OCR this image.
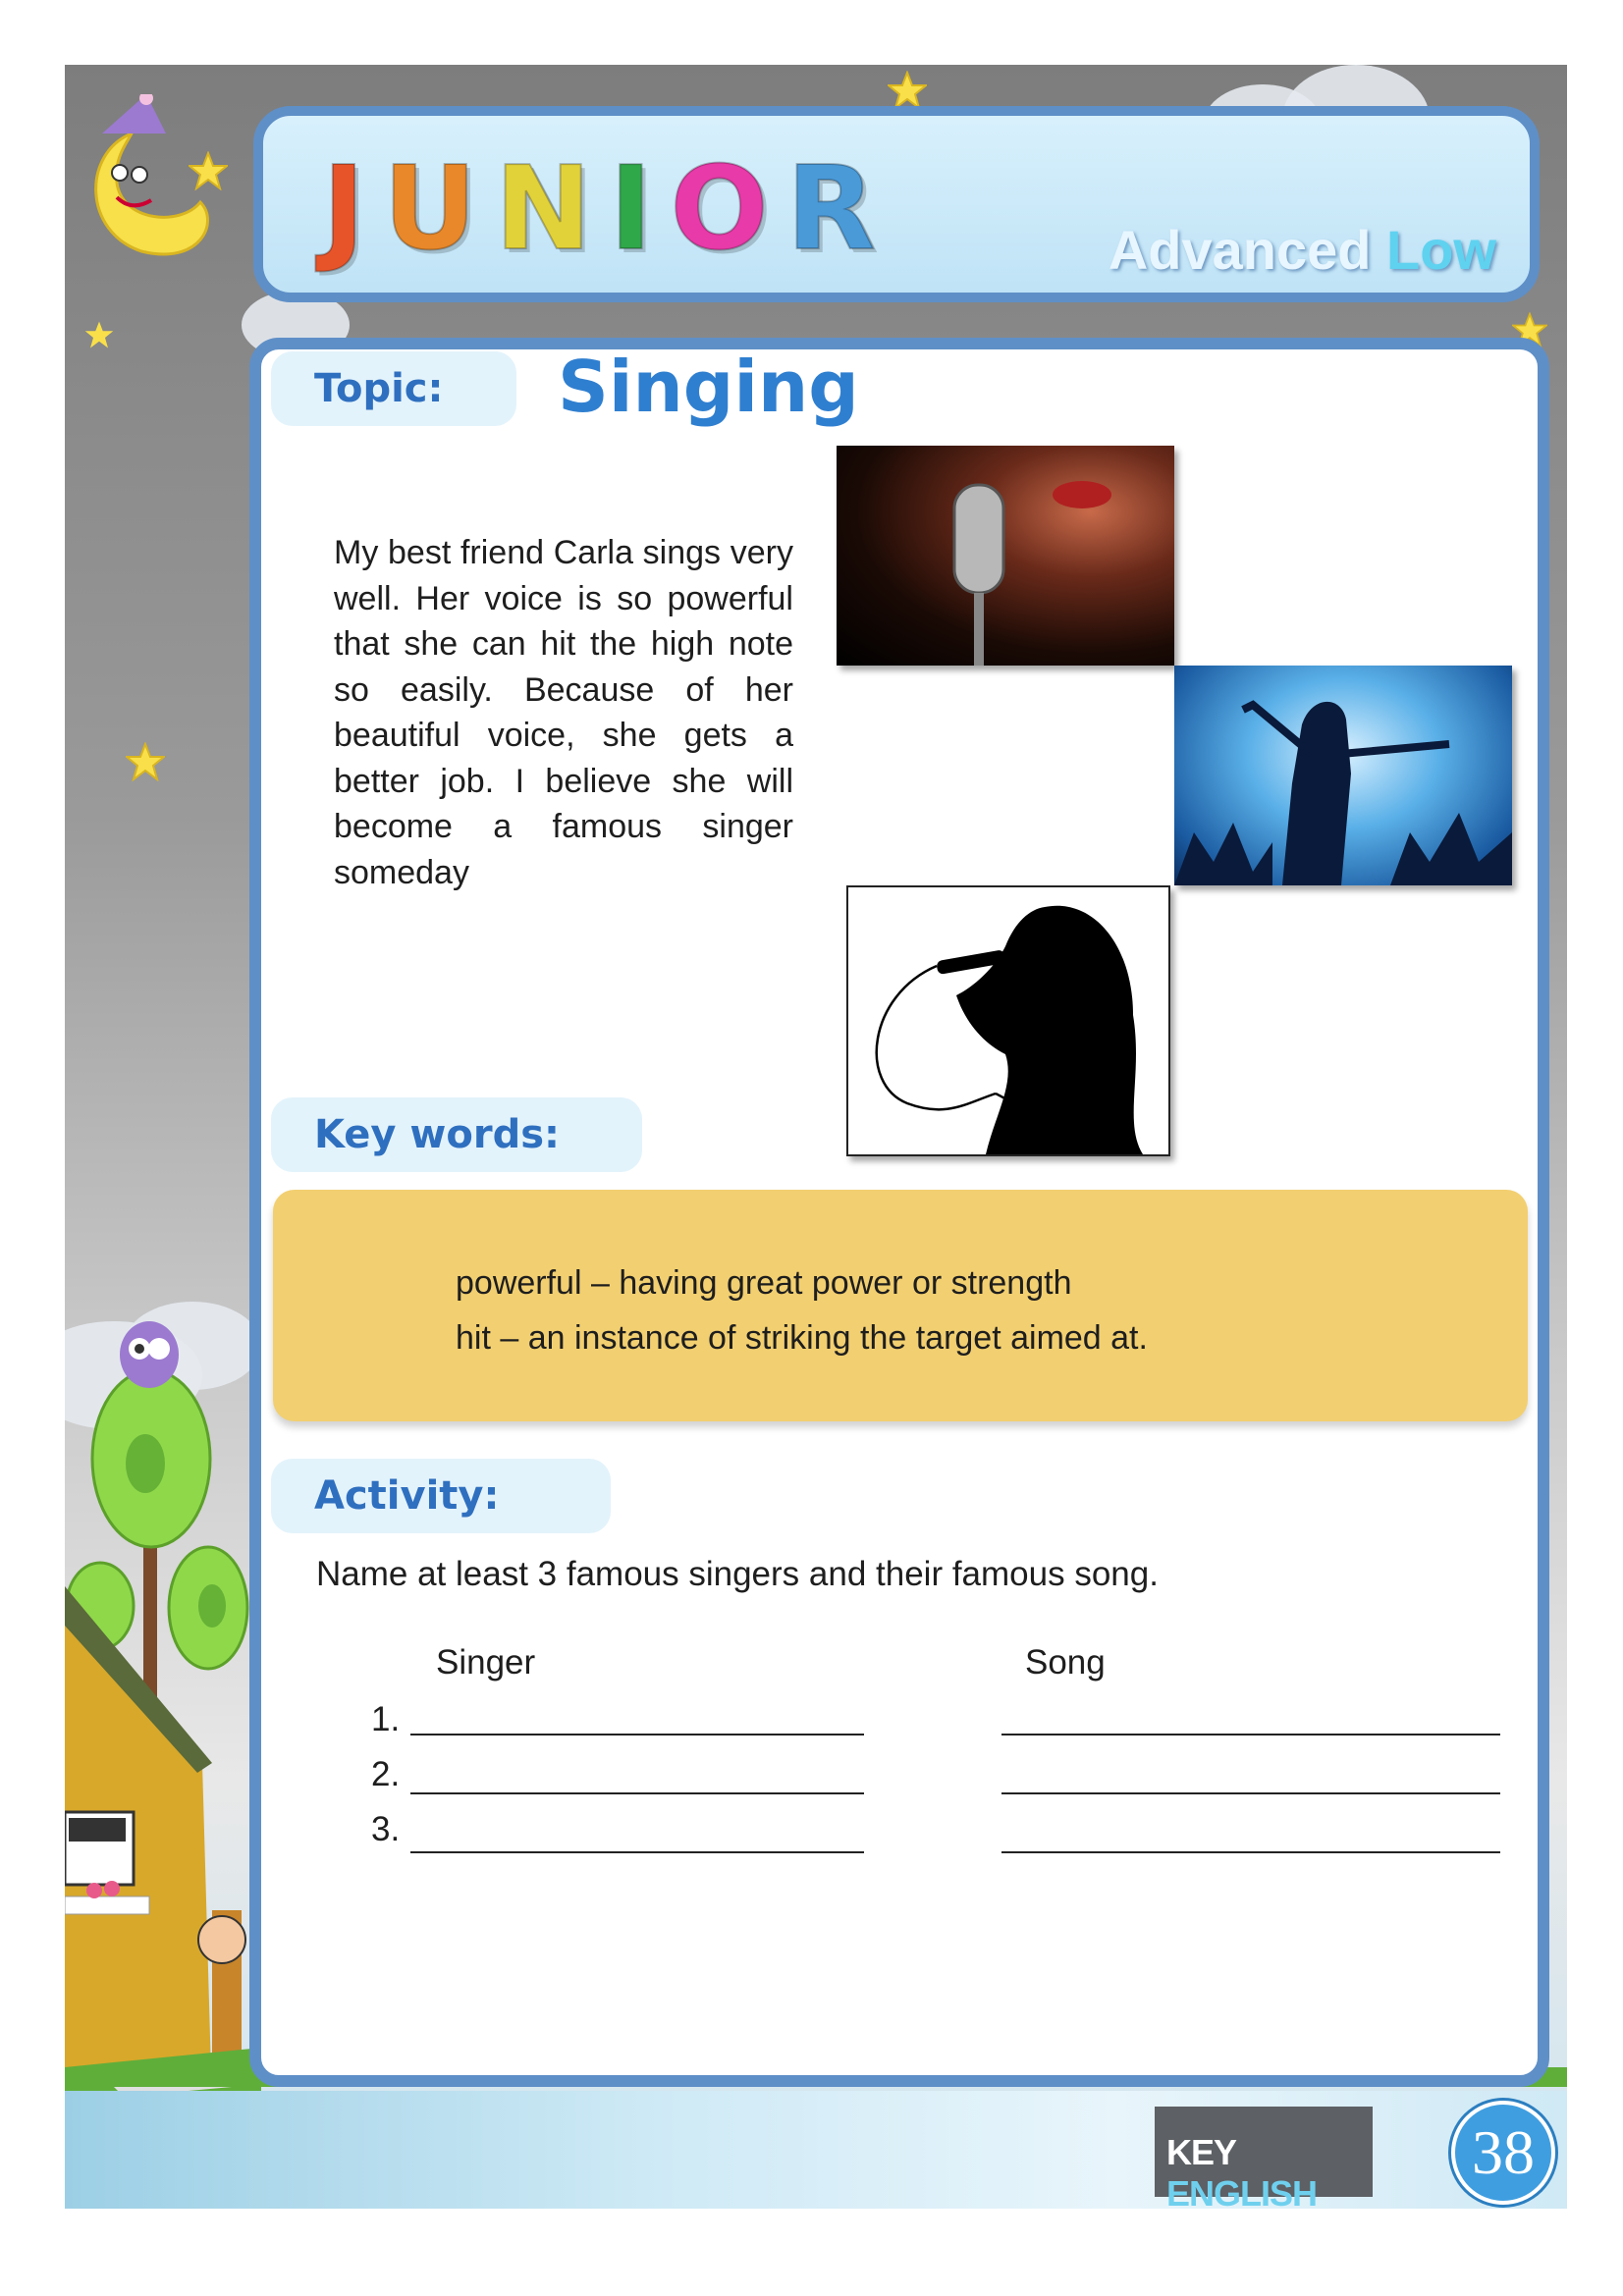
J U N I O R	Advanced Low
Topic:	Singing
My best friend Carla sings very well. Her voice is so powerful that she can hit the high note so easily. Because of her beautiful voice, she gets a better job. I believe she will become a famous singer someday
Key words:
powerful – having great power or strength
hit – an instance of striking the target aimed at.
Activity:
Name at least 3 famous singers and their famous song.
Singer	Song
1.
2.
3.
KEY ENGLISH
38
